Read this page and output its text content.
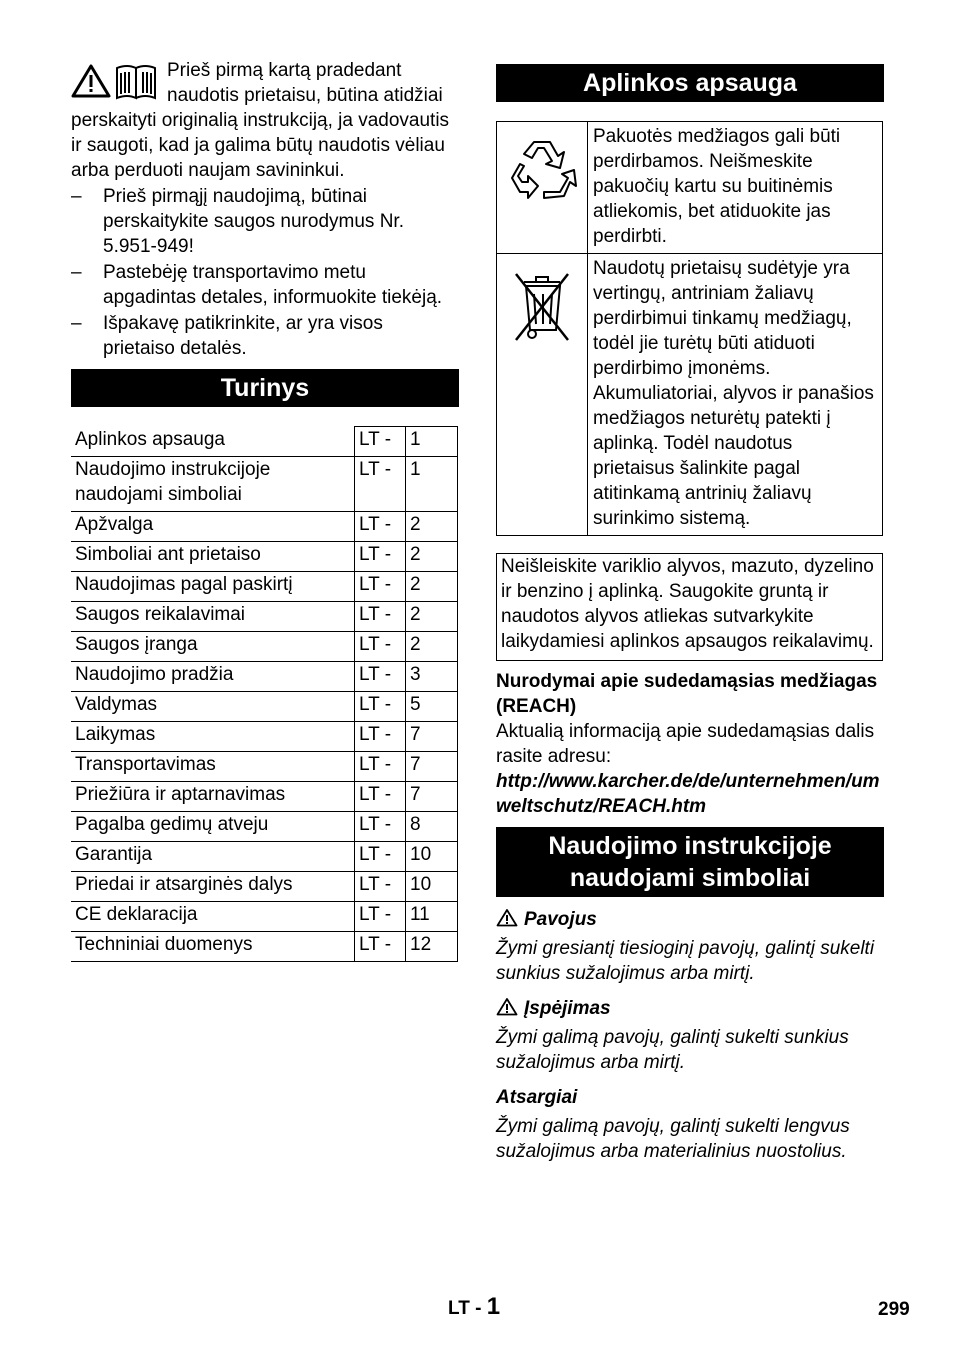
Prieš pirmą kartą pradedant naudotis prietaisu, būtina atidžiai perskaityti originalią instrukciją, ja vadovautis ir saugoti, kad ja galima būtų naudotis vėliau arba perduoti naujam savininkui.

– Prieš pirmąjį naudojimą, būtinai perskaitykite saugos nurodymus Nr. 5.951-949!
– Pastebėję transportavimo metu apgadintas detales, informuokite tiekėją.
– Išpakavę patikrinkite, ar yra visos prietaiso detalės.
Turinys
Aplinkos apsauga	LT -	1
Naudojimo instrukcijoje naudojami simboliai	LT -	1
Apžvalga	LT -	2
Simboliai ant prietaiso	LT -	2
Naudojimas pagal paskirtį	LT -	2
Saugos reikalavimai	LT -	2
Saugos įranga	LT -	2
Naudojimo pradžia	LT -	3
Valdymas	LT -	5
Laikymas	LT -	7
Transportavimas	LT -	7
Priežiūra ir aptarnavimas	LT -	7
Pagalba gedimų atveju	LT -	8
Garantija	LT -	10
Priedai ir atsarginės dalys	LT -	10
CE deklaracija	LT -	11
Techniniai duomenys	LT -	12
Aplinkos apsauga
	Pakuotės medžiagos gali būti perdirbamos. Neišmeskite pakuočių kartu su buitinėmis atliekomis, bet atiduokite jas perdirbti.
	Naudotų prietaisų sudėtyje yra vertingų, antriniam žaliavų perdirbimui tinkamų medžiagų, todėl jie turėtų būti atiduoti perdirbimo įmonėms. Akumuliatoriai, alyvos ir panašios medžiagos neturėtų patekti į aplinką. Todėl naudotus prietaisus šalinkite pagal atitinkamą antrinių žaliavų surinkimo sistemą.

Neišleiskite variklio alyvos, mazuto, dyzelino ir benzino į aplinką. Saugokite gruntą ir naudotos alyvos atliekas sutvarkykite laikydamiesi aplinkos apsaugos reikalavimų.

Nurodymai apie sudedamąsias medžiagas (REACH)

Aktualią informaciją apie sudedamąsias dalis rasite adresu:

http://www.karcher.de/de/unternehmen/umweltschutz/REACH.htm

Naudojimo instrukcijoje naudojami simboliai

Pavojus

Žymi gresiantį tiesioginį pavojų, galintį sukelti sunkius sužalojimus arba mirtį.

Įspėjimas

Žymi galimą pavojų, galintį sukelti sunkius sužalojimus arba mirtį.

Atsargiai

Žymi galimą pavojų, galintį sukelti lengvus sužalojimus arba materialinius nuostolius.

LT - 1	299
